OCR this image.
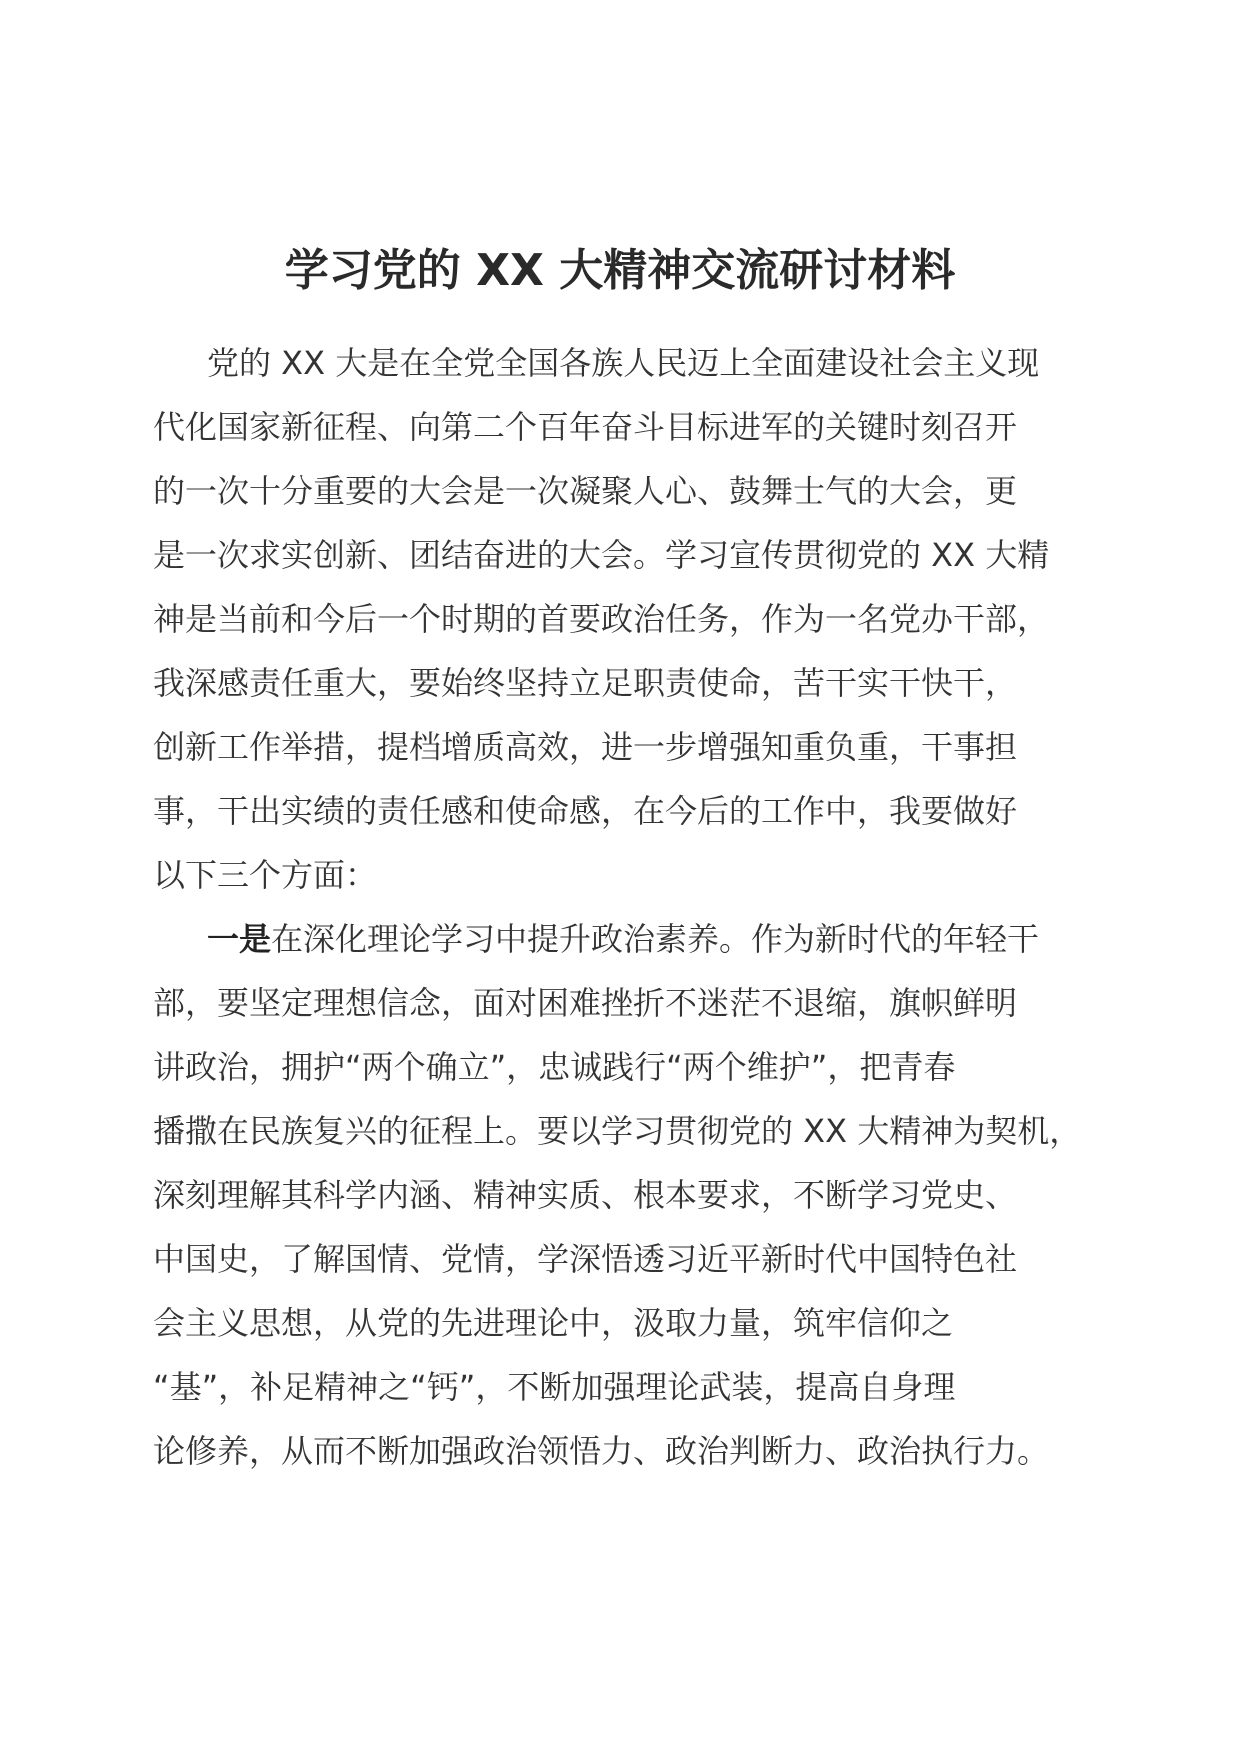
学习党的 XX 大精神交流研讨材料
党的 XX 大是在全党全国各族人民迈上全面建设社会主义现
代化国家新征程、向第二个百年奋斗目标进军的关键时刻召开
的一次十分重要的大会是一次凝聚人心、鼓舞士气的大会，更
是一次求实创新、团结奋进的大会。学习宣传贯彻党的 XX 大精
神是当前和今后一个时期的首要政治任务，作为一名党办干部，
我深感责任重大，要始终坚持立足职责使命，苦干实干快干，
创新工作举措，提档增质高效，进一步增强知重负重，干事担
事，干出实绩的责任感和使命感，在今后的工作中，我要做好
以下三个方面：
一是在深化理论学习中提升政治素养。作为新时代的年轻干
部，要坚定理想信念，面对困难挫折不迷茫不退缩，旗帜鲜明
讲政治，拥护“两个确立”，忠诚践行“两个维护”，把青春
播撒在民族复兴的征程上。要以学习贯彻党的 XX 大精神为契机，
深刻理解其科学内涵、精神实质、根本要求，不断学习党史、
中国史，了解国情、党情，学深悟透习近平新时代中国特色社
会主义思想，从党的先进理论中，汲取力量，筑牢信仰之
“基”，补足精神之“钙”，不断加强理论武装，提高自身理
论修养，从而不断加强政治领悟力、政治判断力、政治执行力。
